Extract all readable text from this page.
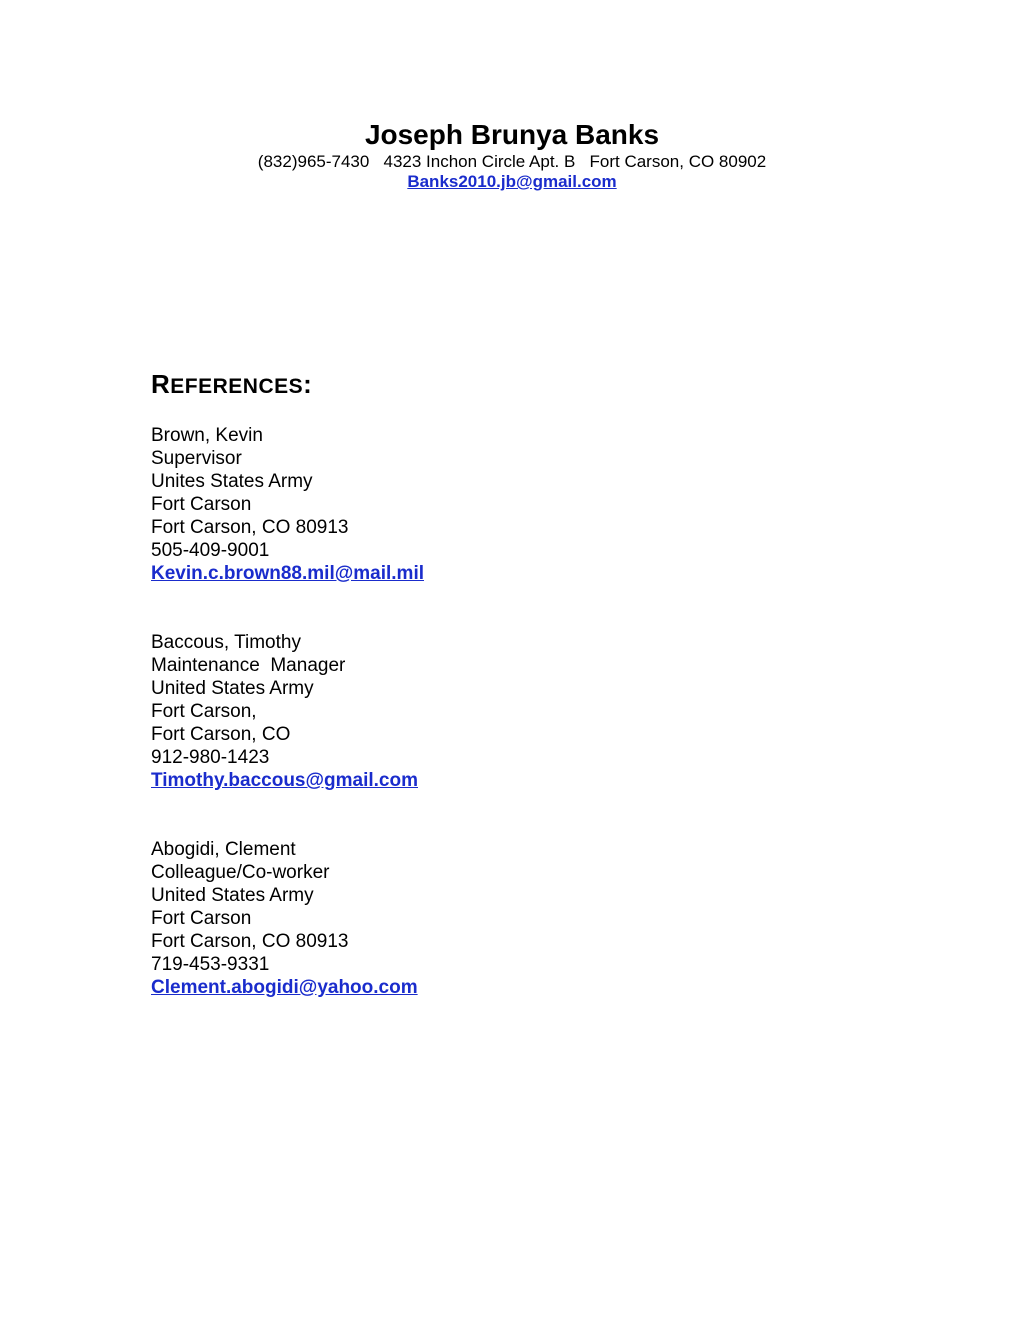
Joseph Brunya Banks
(832)965-7430   4323 Inchon Circle Apt. B   Fort Carson, CO 80902
Banks2010.jb@gmail.com
REFERENCES:
Brown, Kevin
Supervisor
Unites States Army
Fort Carson
Fort Carson, CO 80913
505-409-9001
Kevin.c.brown88.mil@mail.mil
Baccous, Timothy
Maintenance  Manager
United States Army
Fort Carson,
Fort Carson, CO
912-980-1423
Timothy.baccous@gmail.com
Abogidi, Clement
Colleague/Co-worker
United States Army
Fort Carson
Fort Carson, CO 80913
719-453-9331
Clement.abogidi@yahoo.com
